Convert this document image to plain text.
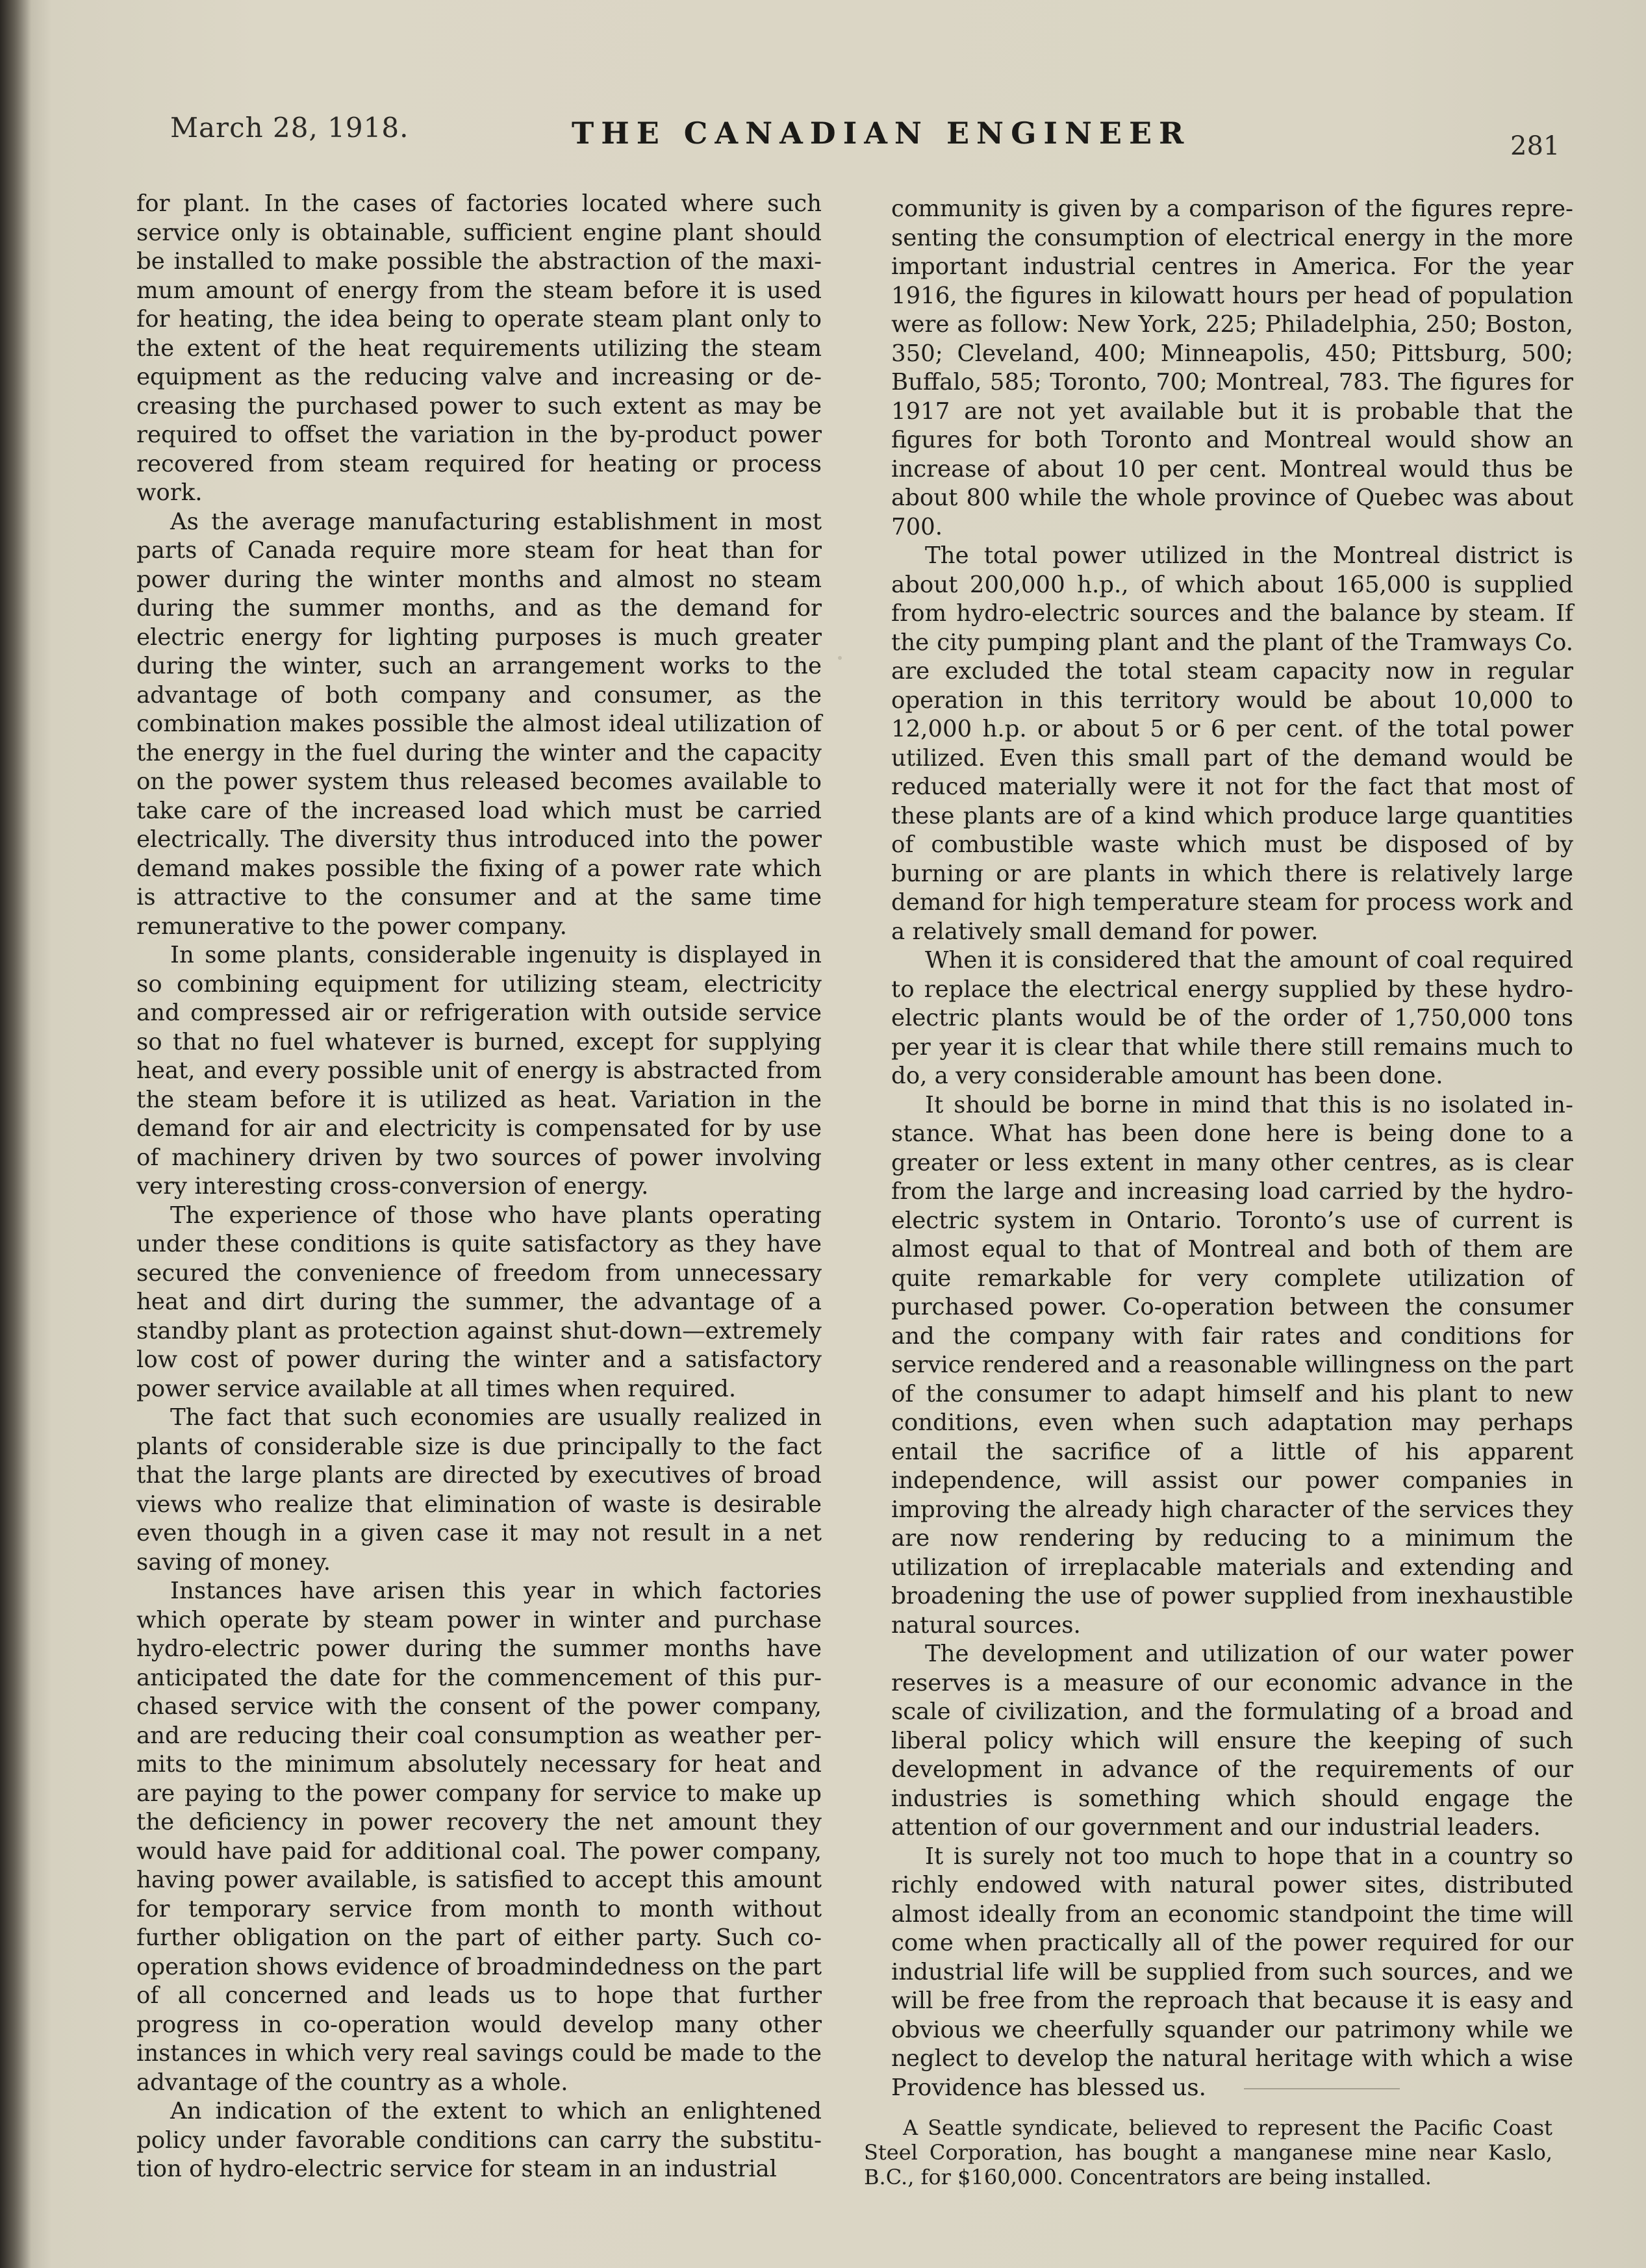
March 28, 1918.	THE CANADIAN ENGINEER	281

for plant. In the cases of factories located where such service only is obtainable, sufficient engine plant should be installed to make possible the abstraction of the maximum amount of energy from the steam before it is used for heating, the idea being to operate steam plant only to the extent of the heat requirements utilizing the steam equipment as the reducing valve and increasing or decreasing the purchased power to such extent as may be required to offset the variation in the by-product power recovered from steam required for heating or process work.

As the average manufacturing establishment in most parts of Canada require more steam for heat than for power during the winter months and almost no steam during the summer months, and as the demand for electric energy for lighting purposes is much greater during the winter, such an arrangement works to the advantage of both company and consumer, as the combination makes possible the almost ideal utilization of the energy in the fuel during the winter and the capacity on the power system thus released becomes available to take care of the increased load which must be carried electrically. The diversity thus introduced into the power demand makes possible the fixing of a power rate which is attractive to the consumer and at the same time remunerative to the power company.

In some plants, considerable ingenuity is displayed in so combining equipment for utilizing steam, electricity and compressed air or refrigeration with outside service so that no fuel whatever is burned, except for supplying heat, and every possible unit of energy is abstracted from the steam before it is utilized as heat. Variation in the demand for air and electricity is compensated for by use of machinery driven by two sources of power involving very interesting cross-conversion of energy.

The experience of those who have plants operating under these conditions is quite satisfactory as they have secured the convenience of freedom from unnecessary heat and dirt during the summer, the advantage of a standby plant as protection against shut-down—extremely low cost of power during the winter and a satisfactory power service available at all times when required.

The fact that such economies are usually realized in plants of considerable size is due principally to the fact that the large plants are directed by executives of broad views who realize that elimination of waste is desirable even though in a given case it may not result in a net saving of money.

Instances have arisen this year in which factories which operate by steam power in winter and purchase hydro-electric power during the summer months have anticipated the date for the commencement of this purchased service with the consent of the power company, and are reducing their coal consumption as weather permits to the minimum absolutely necessary for heat and are paying to the power company for service to make up the deficiency in power recovery the net amount they would have paid for additional coal. The power company, having power available, is satisfied to accept this amount for temporary service from month to month without further obligation on the part of either party. Such cooperation shows evidence of broadmindedness on the part of all concerned and leads us to hope that further progress in co-operation would develop many other instances in which very real savings could be made to the advantage of the country as a whole.

An indication of the extent to which an enlightened policy under favorable conditions can carry the substitution of hydro-electric service for steam in an industrial

community is given by a comparison of the figures representing the consumption of electrical energy in the more important industrial centres in America. For the year 1916, the figures in kilowatt hours per head of population were as follow: New York, 225; Philadelphia, 250; Boston, 350; Cleveland, 400; Minneapolis, 450; Pittsburg, 500; Buffalo, 585; Toronto, 700; Montreal, 783. The figures for 1917 are not yet available but it is probable that the figures for both Toronto and Montreal would show an increase of about 10 per cent. Montreal would thus be about 800 while the whole province of Quebec was about 700.

The total power utilized in the Montreal district is about 200,000 h.p., of which about 165,000 is supplied from hydro-electric sources and the balance by steam. If the city pumping plant and the plant of the Tramways Co. are excluded the total steam capacity now in regular operation in this territory would be about 10,000 to 12,000 h.p. or about 5 or 6 per cent. of the total power utilized. Even this small part of the demand would be reduced materially were it not for the fact that most of these plants are of a kind which produce large quantities of combustible waste which must be disposed of by burning or are plants in which there is relatively large demand for high temperature steam for process work and a relatively small demand for power.

When it is considered that the amount of coal required to replace the electrical energy supplied by these hydro-electric plants would be of the order of 1,750,000 tons per year it is clear that while there still remains much to do, a very considerable amount has been done.

It should be borne in mind that this is no isolated instance. What has been done here is being done to a greater or less extent in many other centres, as is clear from the large and increasing load carried by the hydro-electric system in Ontario. Toronto’s use of current is almost equal to that of Montreal and both of them are quite remarkable for very complete utilization of purchased power. Co-operation between the consumer and the company with fair rates and conditions for service rendered and a reasonable willingness on the part of the consumer to adapt himself and his plant to new conditions, even when such adaptation may perhaps entail the sacrifice of a little of his apparent independence, will assist our power companies in improving the already high character of the services they are now rendering by reducing to a minimum the utilization of irreplacable materials and extending and broadening the use of power supplied from inexhaustible natural sources.

The development and utilization of our water power reserves is a measure of our economic advance in the scale of civilization, and the formulating of a broad and liberal policy which will ensure the keeping of such development in advance of the requirements of our industries is something which should engage the attention of our government and our industrial leaders.

It is surely not too much to hope that in a country so richly endowed with natural power sites, distributed almost ideally from an economic standpoint the time will come when practically all of the power required for our industrial life will be supplied from such sources, and we will be free from the reproach that because it is easy and obvious we cheerfully squander our patrimony while we neglect to develop the natural heritage with which a wise Providence has blessed us.

A Seattle syndicate, believed to represent the Pacific Coast Steel Corporation, has bought a manganese mine near Kaslo, B.C., for $160,000. Concentrators are being installed.
